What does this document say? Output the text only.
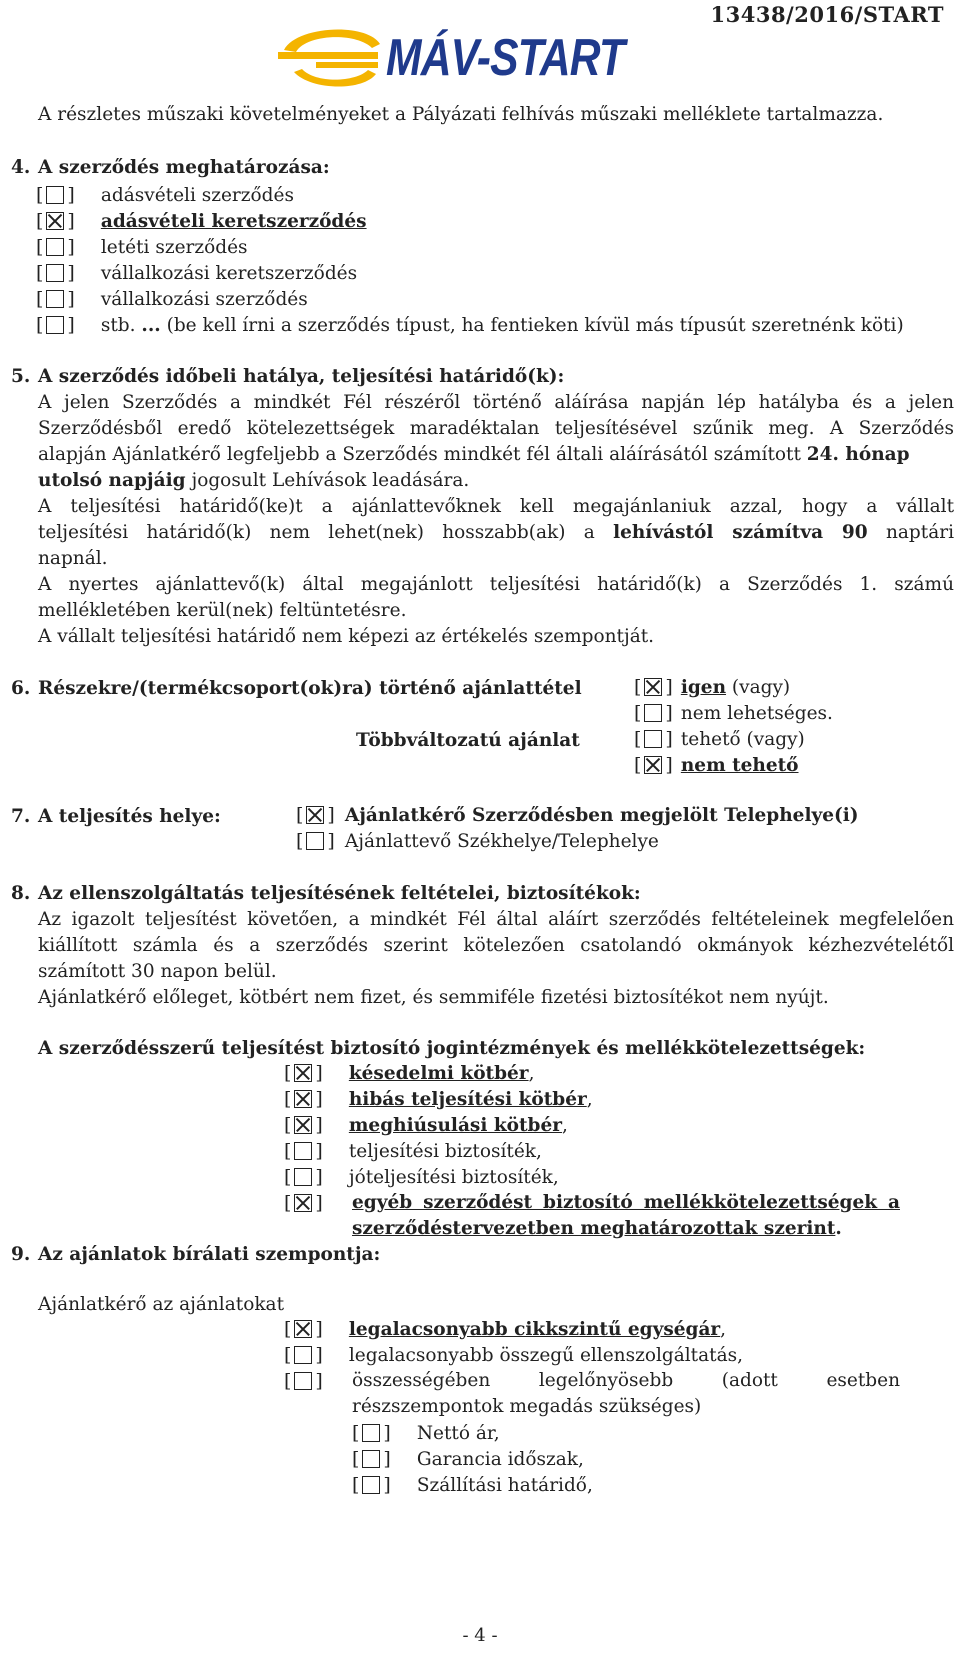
13438/2016/START
MÁV-START
A részletes műszaki követelményeket a Pályázati felhívás műszaki melléklete tartalmazza.
4. A szerződés meghatározása:
[ ] adásvételi szerződés
[ ] adásvételi keretszerződés
[ ] letéti szerződés
[ ] vállalkozási keretszerződés
[ ] vállalkozási szerződés
[ ] stb. ... (be kell írni a szerződés típust, ha fentieken kívül más típusút szeretnénk köti)
5. A szerződés időbeli hatálya, teljesítési határidő(k):
A jelen Szerződés a mindkét Fél részéről történő aláírása napján lép hatályba és a jelen
Szerződésből eredő kötelezettségek maradéktalan teljesítésével szűnik meg. A Szerződés
alapján Ajánlatkérő legfeljebb a Szerződés mindkét fél általi aláírásától számított 24. hónap
utolsó napjáig jogosult Lehívások leadására.
A teljesítési határidő(ke)t a ajánlattevőknek kell megajánlaniuk azzal, hogy a vállalt
teljesítési határidő(k) nem lehet(nek) hosszabb(ak) a lehívástól számítva 90 naptári
napnál.
A nyertes ajánlattevő(k) által megajánlott teljesítési határidő(k) a Szerződés 1. számú
mellékletében kerül(nek) feltüntetésre.
A vállalt teljesítési határidő nem képezi az értékelés szempontját.
6. Részekre/(termékcsoport(ok)ra) történő ajánlattétel	[ ] igen (vagy)
[ ] nem lehetséges.
Többváltozatú ajánlat	[ ] tehető (vagy)
[ ] nem tehető
7. A teljesítés helye:	[ ] Ajánlatkérő Szerződésben megjelölt Telephelye(i)
[ ] Ajánlattevő Székhelye/Telephelye
8. Az ellenszolgáltatás teljesítésének feltételei, biztosítékok:
Az igazolt teljesítést követően, a mindkét Fél által aláírt szerződés feltételeinek megfelelően
kiállított számla és a szerződés szerint kötelezően csatolandó okmányok kézhezvételétől
számított 30 napon belül.
Ajánlatkérő előleget, kötbért nem fizet, és semmiféle fizetési biztosítékot nem nyújt.
A szerződésszerű teljesítést biztosító jogintézmények és mellékkötelezettségek:
[ ] késedelmi kötbér,
[ ] hibás teljesítési kötbér,
[ ] meghiúsulási kötbér,
[ ] teljesítési biztosíték,
[ ] jóteljesítési biztosíték,
[ ] egyéb szerződést biztosító mellékkötelezettségek a
szerződéstervezetben meghatározottak szerint.
9. Az ajánlatok bírálati szempontja:
Ajánlatkérő az ajánlatokat
[ ] legalacsonyabb cikkszintű egységár,
[ ] legalacsonyabb összegű ellenszolgáltatás,
[ ] összességében legelőnyösebb (adott esetben
részszempontok megadás szükséges)
[ ] Nettó ár,
[ ] Garancia időszak,
[ ] Szállítási határidő,
- 4 -
